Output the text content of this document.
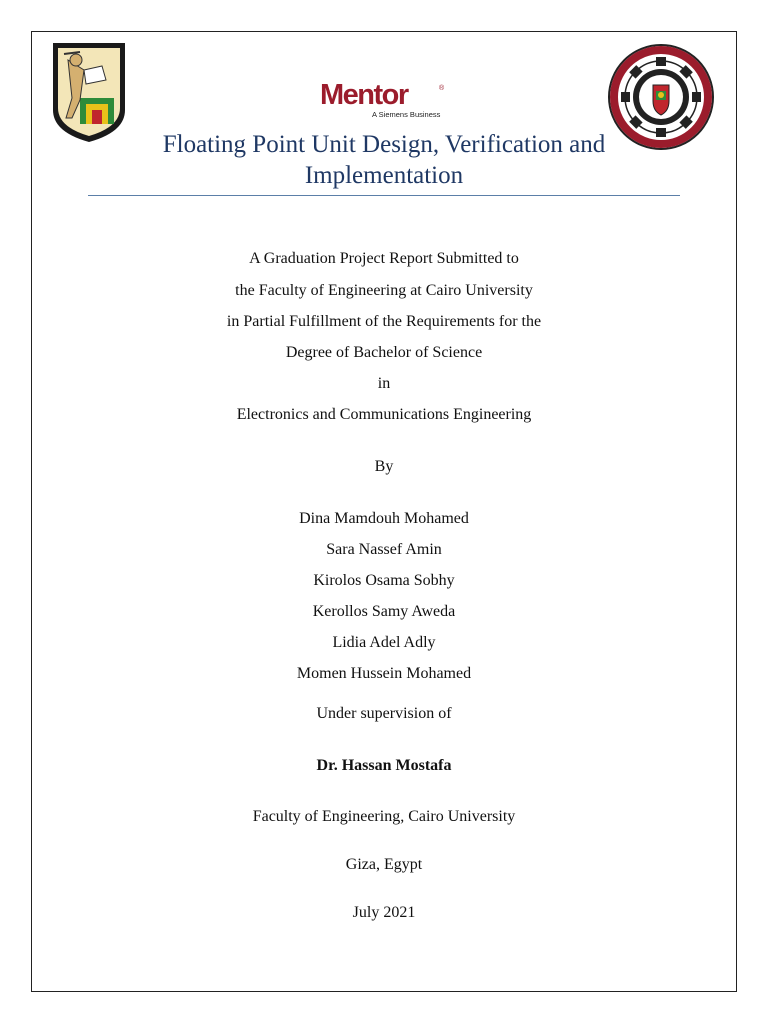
Mentor	®
A Siemens Business
Floating Point Unit Design, Verification and
Implementation

A Graduation Project Report Submitted to

the Faculty of Engineering at Cairo University

in Partial Fulfillment of the Requirements for the

Degree of Bachelor of Science

in

Electronics and Communications Engineering

By

Dina Mamdouh Mohamed

Sara Nassef Amin

Kirolos Osama Sobhy

Kerollos Samy Aweda

Lidia Adel Adly

Momen Hussein Mohamed

Under supervision of

Dr. Hassan Mostafa

Faculty of Engineering, Cairo University

Giza, Egypt

July 2021
